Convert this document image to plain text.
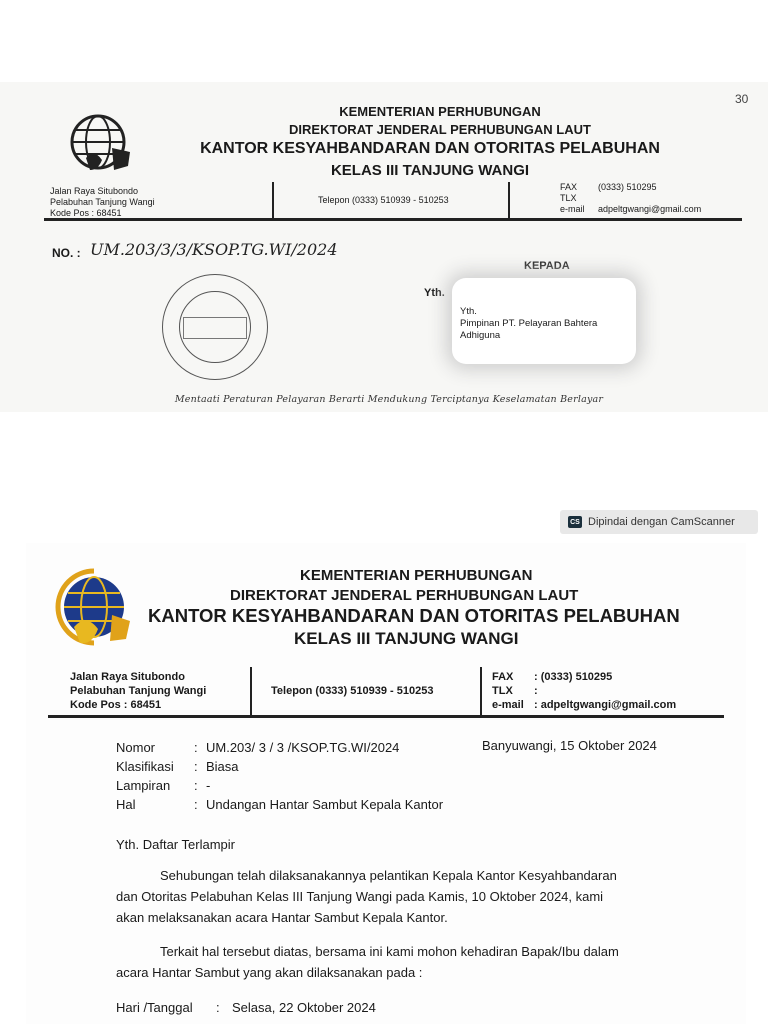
KEMENTERIAN PERHUBUNGAN
DIREKTORAT JENDERAL PERHUBUNGAN LAUT
KANTOR KESYAHBANDARAN DAN OTORITAS PELABUHAN
KELAS III TANJUNG WANGI
30
Jalan Raya Situbondo
Pelabuhan Tanjung Wangi
Kode Pos : 68451
Telepon (0333) 510939 - 510253
FAX
TLX
e-mail
(0333) 510295

adpeltgwangi@gmail.com
NO. : UM.203/3/3/KSOP.TG.WI/2024
KEPADA
Yth.
Yth.
Pimpinan PT. Pelayaran Bahtera
Adhiguna
Mentaati Peraturan Pelayaran Berarti Mendukung Terciptanya Keselamatan Berlayar
CS Dipindai dengan CamScanner
KEMENTERIAN PERHUBUNGAN
DIREKTORAT JENDERAL PERHUBUNGAN LAUT
KANTOR KESYAHBANDARAN DAN OTORITAS PELABUHAN
KELAS III TANJUNG WANGI
Jalan Raya Situbondo
Pelabuhan Tanjung Wangi
Kode Pos : 68451
Telepon (0333) 510939 - 510253
FAX
TLX
e-mail
: (0333) 510295
:
: adpeltgwangi@gmail.com
Nomor	: UM.203/ 3 / 3 /KSOP.TG.WI/2024
Klasifikasi : Biasa
Lampiran : -
Hal	: Undangan Hantar Sambut Kepala Kantor
Banyuwangi, 15 Oktober 2024
Yth. Daftar Terlampir
Sehubungan telah dilaksanakannya pelantikan Kepala Kantor Kesyahbandaran
dan Otoritas Pelabuhan Kelas III Tanjung Wangi pada Kamis, 10 Oktober 2024, kami
akan melaksanakan acara Hantar Sambut Kepala Kantor.
Terkait hal tersebut diatas, bersama ini kami mohon kehadiran Bapak/Ibu dalam
acara Hantar Sambut yang akan dilaksanakan pada :
Hari /Tanggal : Selasa, 22 Oktober 2024
